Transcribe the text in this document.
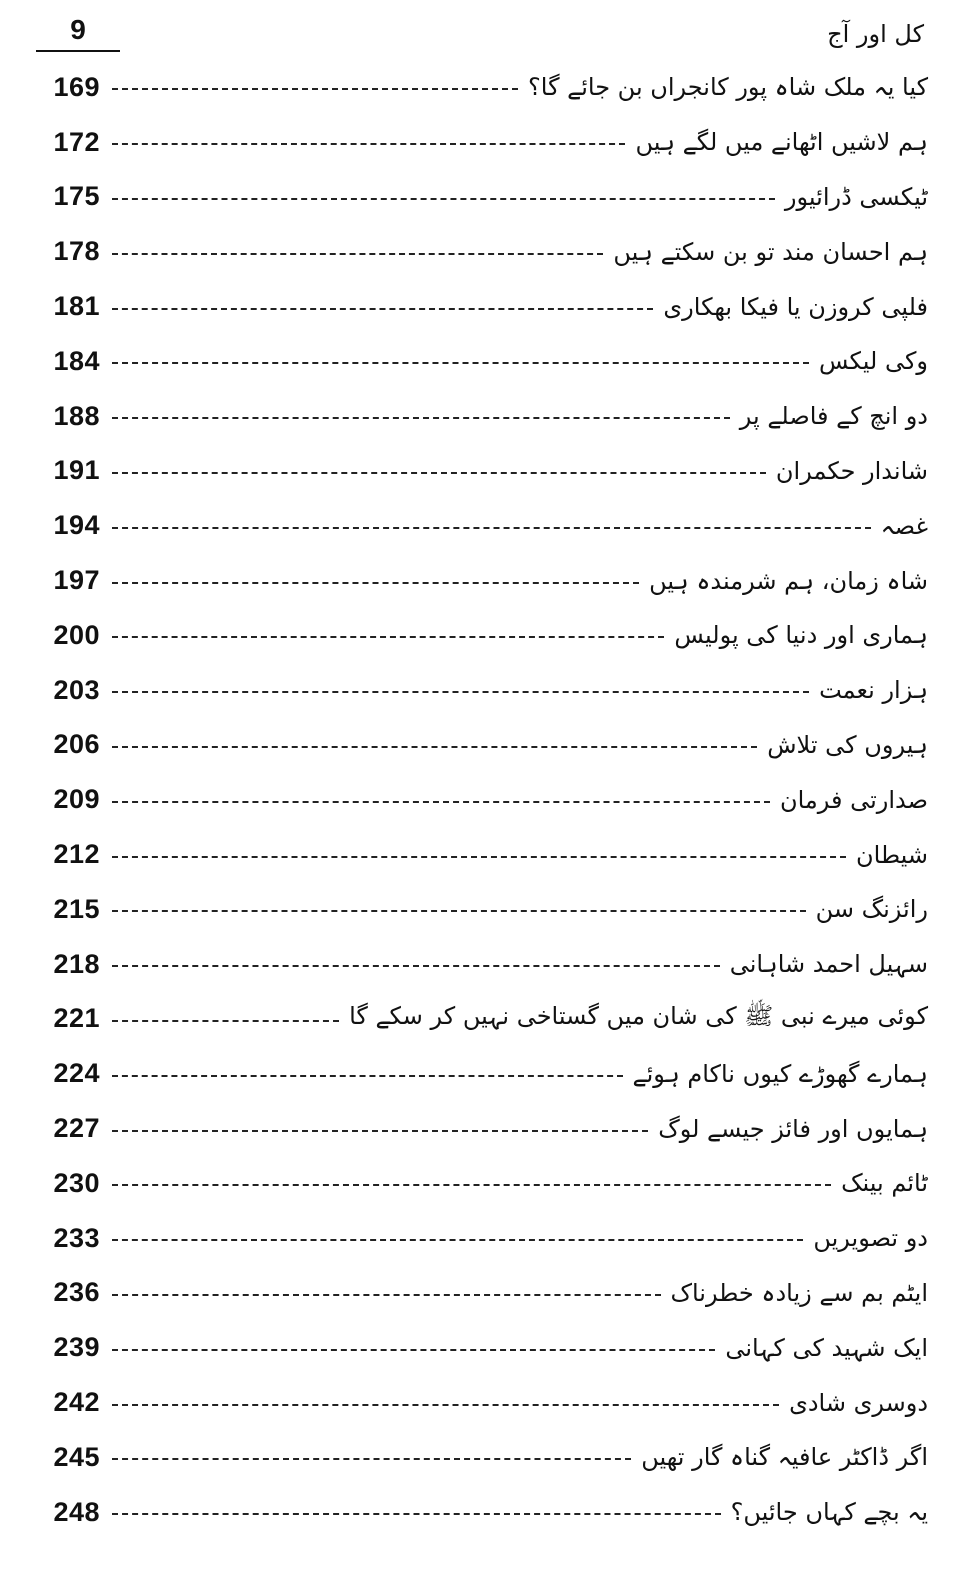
9	کل اور آج
169	کیا یہ ملک شاہ پور کانجراں بن جائے گا؟
172	ہم لاشیں اٹھانے میں لگے ہیں
175	ٹیکسی ڈرائیور
178	ہم احسان مند تو بن سکتے ہیں
181	فلپی کروزن یا فیکا بھکاری
184	وکی لیکس
188	دو انچ کے فاصلے پر
191	شاندار حکمران
194	غصہ
197	شاہ زمان، ہم شرمندہ ہیں
200	ہماری اور دنیا کی پولیس
203	ہزار نعمت
206	ہیروں کی تلاش
209	صدارتی فرمان
212	شیطان
215	رائزنگ سن
218	سہیل احمد شاہانی
221	کوئی میرے نبی ﷺ کی شان میں گستاخی نہیں کر سکے گا
224	ہمارے گھوڑے کیوں ناکام ہوئے
227	ہمایوں اور فائز جیسے لوگ
230	ٹائم بینک
233	دو تصویریں
236	ایٹم بم سے زیادہ خطرناک
239	ایک شہید کی کہانی
242	دوسری شادی
245	اگر ڈاکٹر عافیہ گناہ گار تھیں
248	یہ بچے کہاں جائیں؟
